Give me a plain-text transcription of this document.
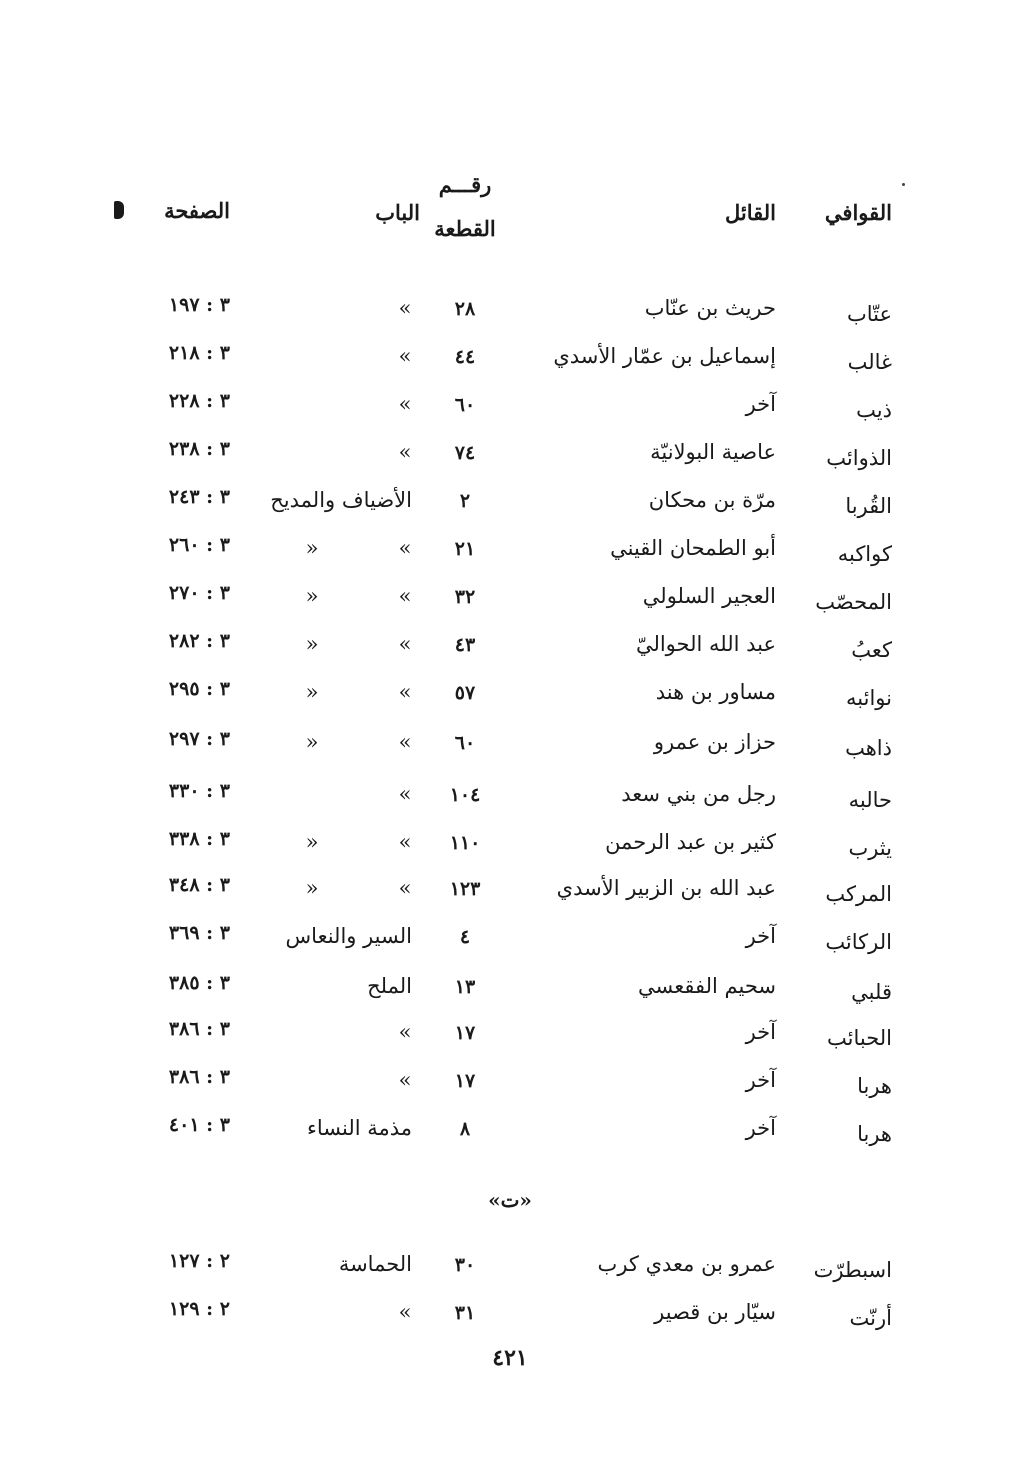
القوافي
القائل
رقـــم
القطعة
الباب
الصفحة
عتّاب
حريث بن عنّاب
٢٨
»
٣ : ١٩٧
غالب
إسماعيل بن عمّار الأسدي
٤٤
»
٣ : ٢١٨
ذيب
آخر
٦٠
»
٣ : ٢٢٨
الذوائب
عاصية البولانيّة
٧٤
»
٣ : ٢٣٨
القُربا
مرّة بن محكان
٢
الأضياف والمديح
٣ : ٢٤٣
كواكبه
أبو الطمحان القيني
٢١
»
»
٣ : ٢٦٠
المحصّب
العجير السلولي
٣٢
»
»
٣ : ٢٧٠
كعبُ
عبد الله الحواليّ
٤٣
»
»
٣ : ٢٨٢
نوائبه
مساور بن هند
٥٧
»
»
٣ : ٢٩٥
ذاهب
حزاز بن عمرو
٦٠
»
»
٣ : ٢٩٧
حالبه
رجل من بني سعد
١٠٤
»
٣ : ٣٣٠
يثرب
كثير بن عبد الرحمن
١١٠
»
»
٣ : ٣٣٨
المركب
عبد الله بن الزبير الأسدي
١٢٣
»
»
٣ : ٣٤٨
الركائب
آخر
٤
السير والنعاس
٣ : ٣٦٩
قلبي
سحيم الفقعسي
١٣
الملح
٣ : ٣٨٥
الحبائب
آخر
١٧
»
٣ : ٣٨٦
هربا
آخر
١٧
»
٣ : ٣٨٦
هربا
آخر
٨
مذمة النساء
٣ : ٤٠١
«ت»
اسبطرّت
عمرو بن معدي كرب
٣٠
الحماسة
٢ : ١٢٧
أرنّت
سيّار بن قصير
٣١
»
٢ : ١٢٩
٤٢١
